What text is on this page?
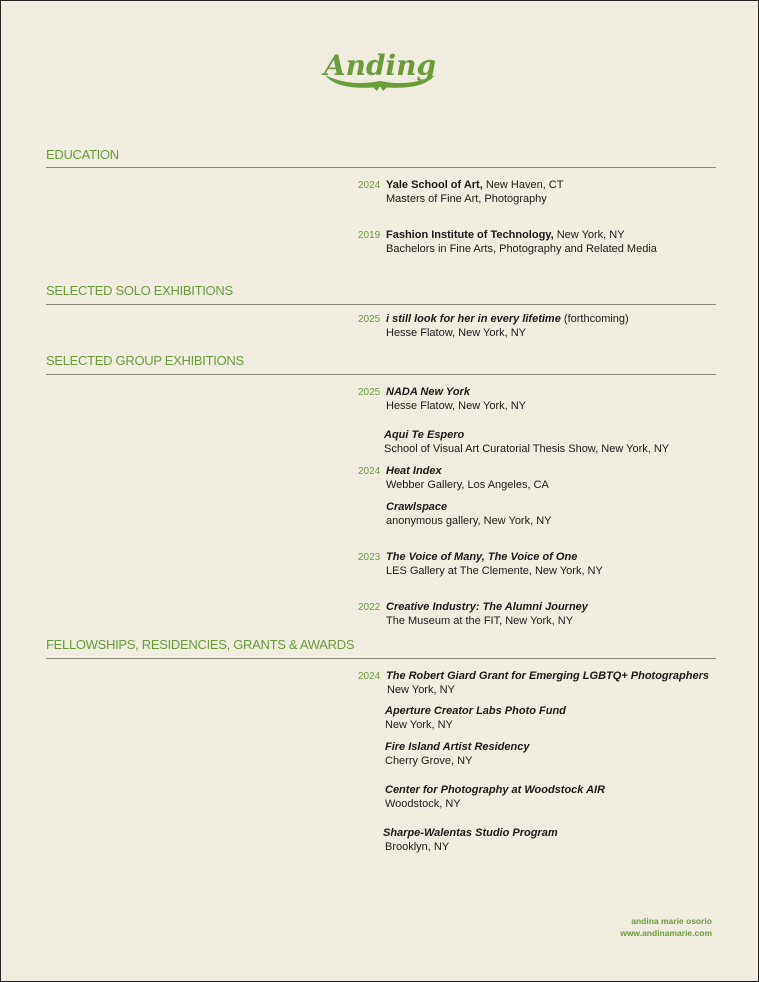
Anding
EDUCATION
2024 Yale School of Art, New Haven, CT
Masters of Fine Art, Photography
2019 Fashion Institute of Technology, New York, NY
Bachelors in Fine Arts, Photography and Related Media
SELECTED SOLO EXHIBITIONS
2025 i still look for her in every lifetime (forthcoming)
Hesse Flatow, New York, NY
SELECTED GROUP EXHIBITIONS
2025 NADA New York
Hesse Flatow, New York, NY
Aqui Te Espero
School of Visual Art Curatorial Thesis Show, New York, NY
2024 Heat Index
Webber Gallery, Los Angeles, CA
Crawlspace
anonymous gallery, New York, NY
2023 The Voice of Many, The Voice of One
LES Gallery at The Clemente, New York, NY
2022 Creative Industry: The Alumni Journey
The Museum at the FIT, New York, NY
FELLOWSHIPS, RESIDENCIES, GRANTS & AWARDS
2024 The Robert Giard Grant for Emerging LGBTQ+ Photographers
New York, NY
Aperture Creator Labs Photo Fund
New York, NY
Fire Island Artist Residency
Cherry Grove, NY
Center for Photography at Woodstock AIR
Woodstock, NY
Sharpe-Walentas Studio Program
Brooklyn, NY
andina marie osorio
www.andinamarie.com
